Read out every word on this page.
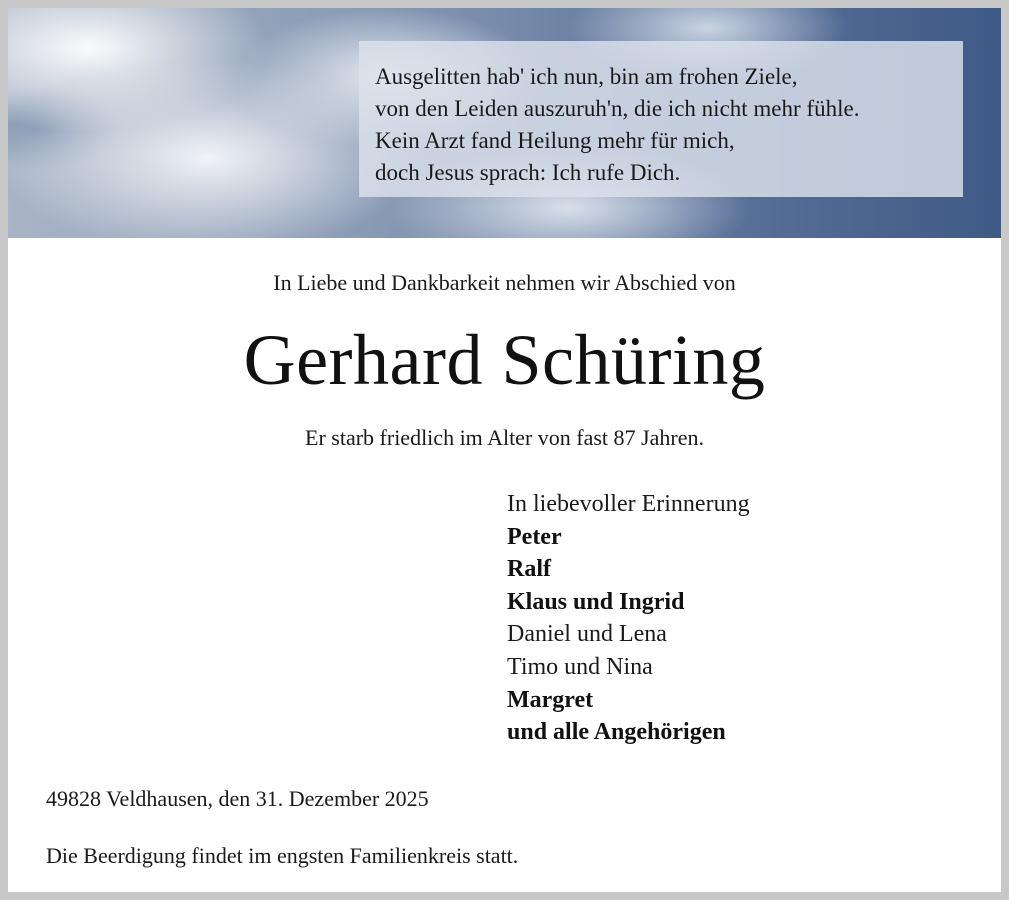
Ausgelitten hab' ich nun, bin am frohen Ziele,
von den Leiden auszuruh'n, die ich nicht mehr fühle.
Kein Arzt fand Heilung mehr für mich,
doch Jesus sprach: Ich rufe Dich.
In Liebe und Dankbarkeit nehmen wir Abschied von
Gerhard Schüring
Er starb friedlich im Alter von fast 87 Jahren.
In liebevoller Erinnerung
Peter
Ralf
Klaus und Ingrid
Daniel und Lena
Timo und Nina
Margret
und alle Angehörigen
49828 Veldhausen, den 31. Dezember 2025
Die Beerdigung findet im engsten Familienkreis statt.
